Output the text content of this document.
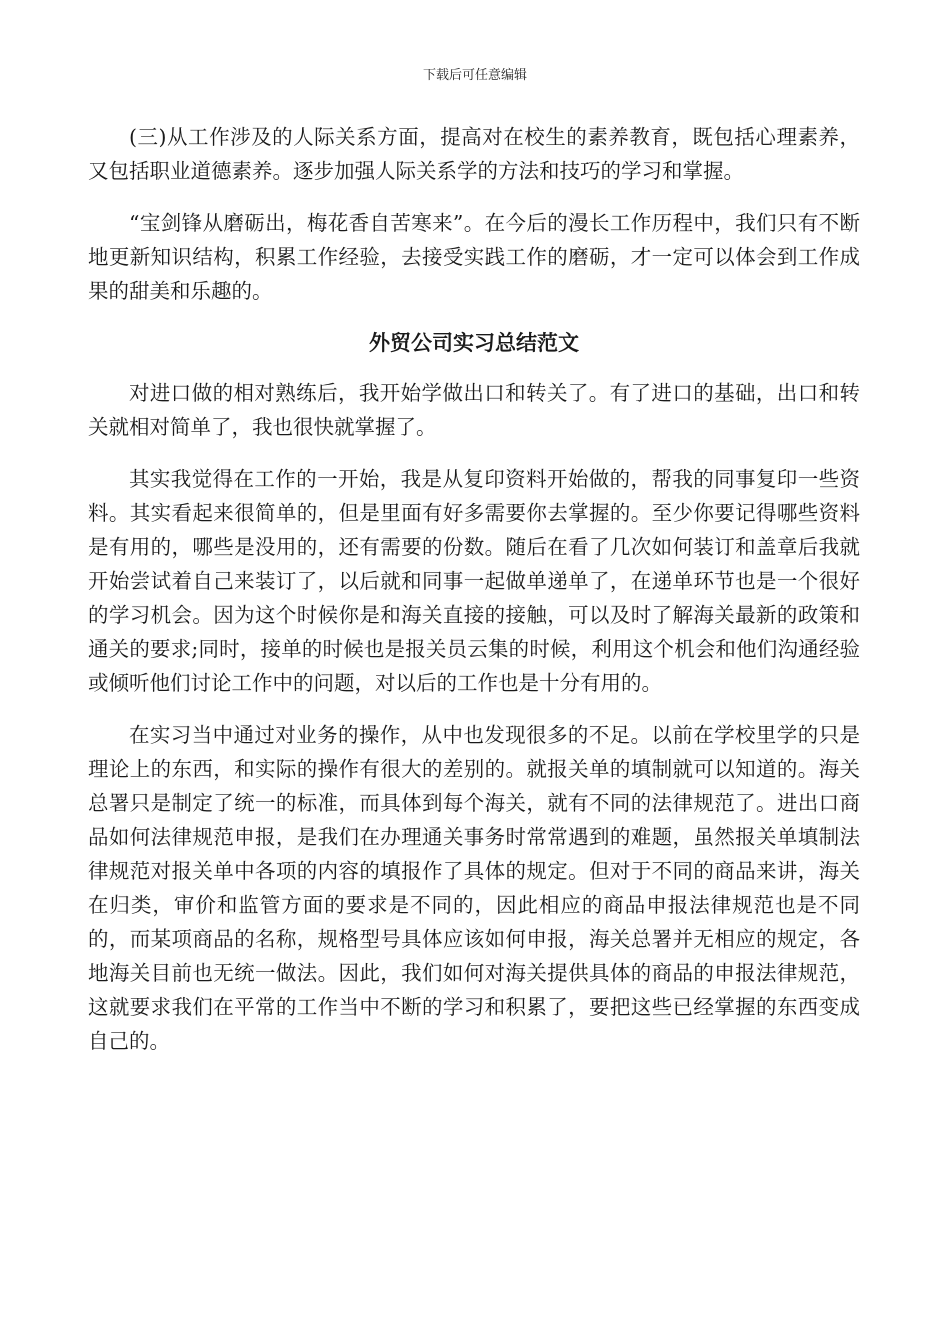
下载后可任意编辑

(三)从工作涉及的人际关系方面，提高对在校生的素养教育，既包括心理素养，又包括职业道德素养。逐步加强人际关系学的方法和技巧的学习和掌握。

“宝剑锋从磨砺出，梅花香自苦寒来”。在今后的漫长工作历程中，我们只有不断地更新知识结构，积累工作经验，去接受实践工作的磨砺，才一定可以体会到工作成果的甜美和乐趣的。

外贸公司实习总结范文

对进口做的相对熟练后，我开始学做出口和转关了。有了进口的基础，出口和转关就相对简单了，我也很快就掌握了。

其实我觉得在工作的一开始，我是从复印资料开始做的，帮我的同事复印一些资料。其实看起来很简单的，但是里面有好多需要你去掌握的。至少你要记得哪些资料是有用的，哪些是没用的，还有需要的份数。随后在看了几次如何装订和盖章后我就开始尝试着自己来装订了，以后就和同事一起做单递单了，在递单环节也是一个很好的学习机会。因为这个时候你是和海关直接的接触，可以及时了解海关最新的政策和通关的要求;同时，接单的时候也是报关员云集的时候，利用这个机会和他们沟通经验或倾听他们讨论工作中的问题，对以后的工作也是十分有用的。

在实习当中通过对业务的操作，从中也发现很多的不足。以前在学校里学的只是理论上的东西，和实际的操作有很大的差别的。就报关单的填制就可以知道的。海关总署只是制定了统一的标准，而具体到每个海关，就有不同的法律规范了。进出口商品如何法律规范申报，是我们在办理通关事务时常常遇到的难题，虽然报关单填制法律规范对报关单中各项的内容的填报作了具体的规定。但对于不同的商品来讲，海关在归类，审价和监管方面的要求是不同的，因此相应的商品申报法律规范也是不同的，而某项商品的名称，规格型号具体应该如何申报，海关总署并无相应的规定，各地海关目前也无统一做法。因此，我们如何对海关提供具体的商品的申报法律规范，这就要求我们在平常的工作当中不断的学习和积累了，要把这些已经掌握的东西变成自己的。
